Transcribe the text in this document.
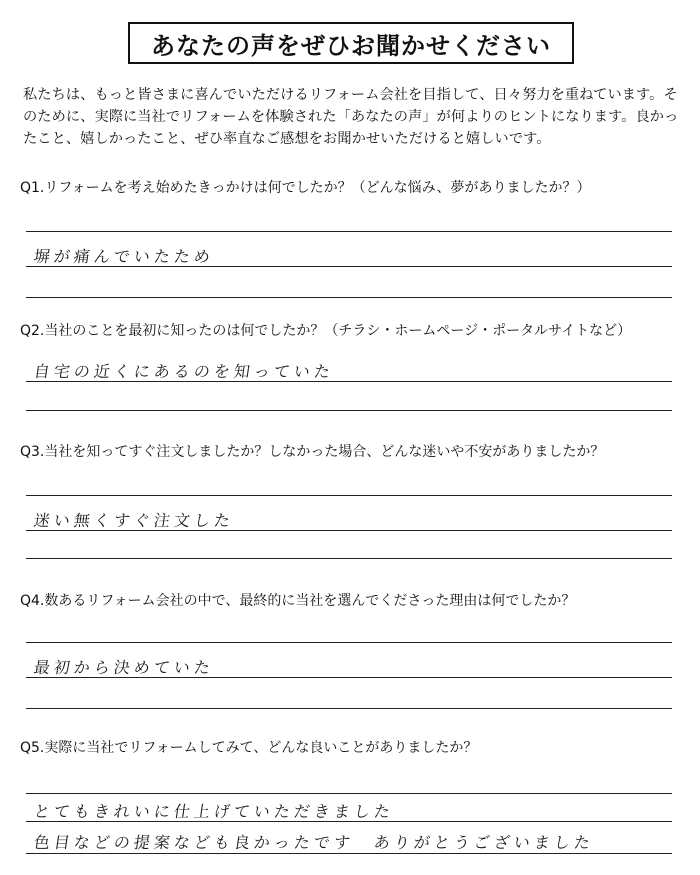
あなたの声をぜひお聞かせください
私たちは、もっと皆さまに喜んでいただけるリフォーム会社を目指して、日々努力を重ねています。そのために、実際に当社でリフォームを体験された「あなたの声」が何よりのヒントになります。良かったこと、嬉しかったこと、ぜひ率直なご感想をお聞かせいただけると嬉しいです。
Q1.リフォームを考え始めたきっかけは何でしたか？（どんな悩み、夢がありましたか？）
塀が痛んでいたため
Q2.当社のことを最初に知ったのは何でしたか？（チラシ・ホームページ・ポータルサイトなど）
自宅の近くにあるのを知っていた
Q3.当社を知ってすぐ注文しましたか？しなかった場合、どんな迷いや不安がありましたか？
迷い無くすぐ注文した
Q4.数あるリフォーム会社の中で、最終的に当社を選んでくださった理由は何でしたか？
最初から決めていた
Q5.実際に当社でリフォームしてみて、どんな良いことがありましたか？
とてもきれいに仕上げていただきました
色目などの提案なども良かったです　ありがとうございました
